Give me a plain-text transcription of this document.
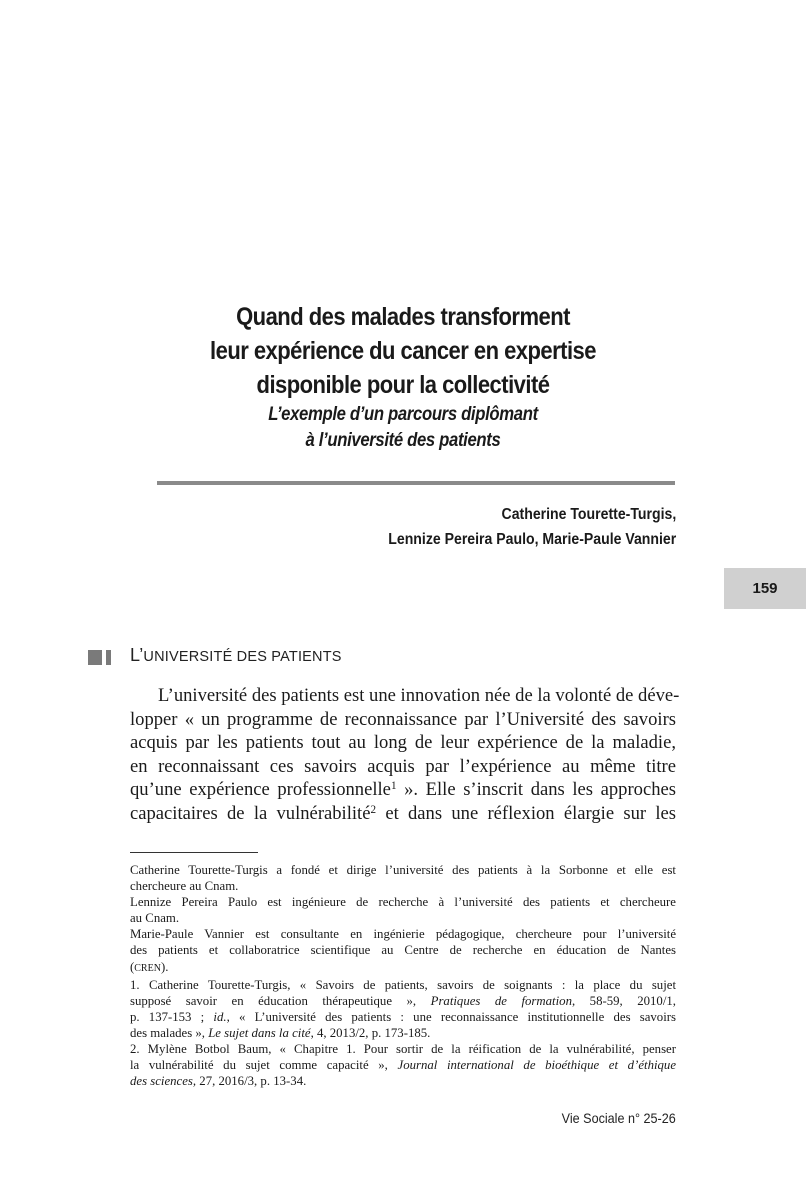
Quand des malades transforment
leur expérience du cancer en expertise
disponible pour la collectivité
L’exemple d’un parcours diplômant
à l’université des patients
Catherine Tourette-Turgis,
Lennize Pereira Paulo, Marie-Paule Vannier
159
L’UNIVERSITÉ DES PATIENTS
L’université des patients est une innovation née de la volonté de déve-
lopper « un programme de reconnaissance par l’Université des savoirs
acquis par les patients tout au long de leur expérience de la maladie,
en reconnaissant ces savoirs acquis par l’expérience au même titre
qu’une expérience professionnelle$^1$ ». Elle s’inscrit dans les approches
capacitaires de la vulnérabilité$^2$ et dans une réflexion élargie sur les
Catherine Tourette-Turgis a fondé et dirige l’université des patients à la Sorbonne et elle est
chercheure au Cnam.
Lennize Pereira Paulo est ingénieure de recherche à l’université des patients et chercheure
au Cnam.
Marie-Paule Vannier est consultante en ingénierie pédagogique, chercheure pour l’université
des patients et collaboratrice scientifique au Centre de recherche en éducation de Nantes
(CREN).
1. Catherine Tourette-Turgis, « Savoirs de patients, savoirs de soignants : la place du sujet
supposé savoir en éducation thérapeutique », Pratiques de formation, 58-59, 2010/1,
p. 137-153 ; id., « L’université des patients : une reconnaissance institutionnelle des savoirs
des malades », Le sujet dans la cité, 4, 2013/2, p. 173-185.
2. Mylène Botbol Baum, « Chapitre 1. Pour sortir de la réification de la vulnérabilité, penser
la vulnérabilité du sujet comme capacité », Journal international de bioéthique et d’éthique
des sciences, 27, 2016/3, p. 13-34.
Vie Sociale n° 25-26
